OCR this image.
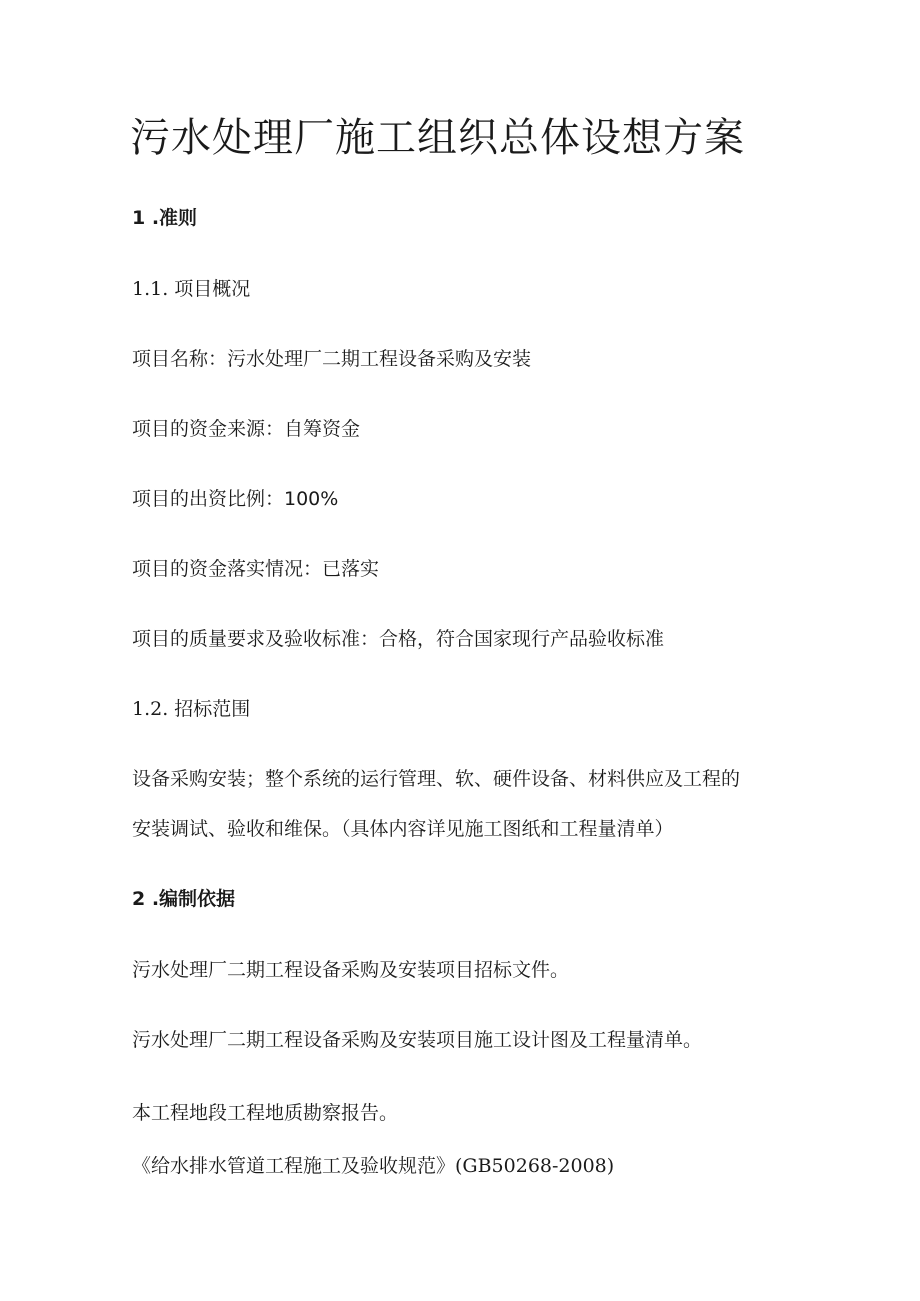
污水处理厂施工组织总体设想方案

1 .准则

1.1. 项目概况

项目名称：污水处理厂二期工程设备采购及安装

项目的资金来源：自筹资金

项目的出资比例：100%

项目的资金落实情况：已落实

项目的质量要求及验收标准：合格，符合国家现行产品验收标准

1.2. 招标范围

设备采购安装；整个系统的运行管理、软、硬件设备、材料供应及工程的

安装调试、验收和维保。（具体内容详见施工图纸和工程量清单）

2 .编制依据

污水处理厂二期工程设备采购及安装项目招标文件。

污水处理厂二期工程设备采购及安装项目施工设计图及工程量清单。

本工程地段工程地质勘察报告。

《给水排水管道工程施工及验收规范》(GB50268-2008)
